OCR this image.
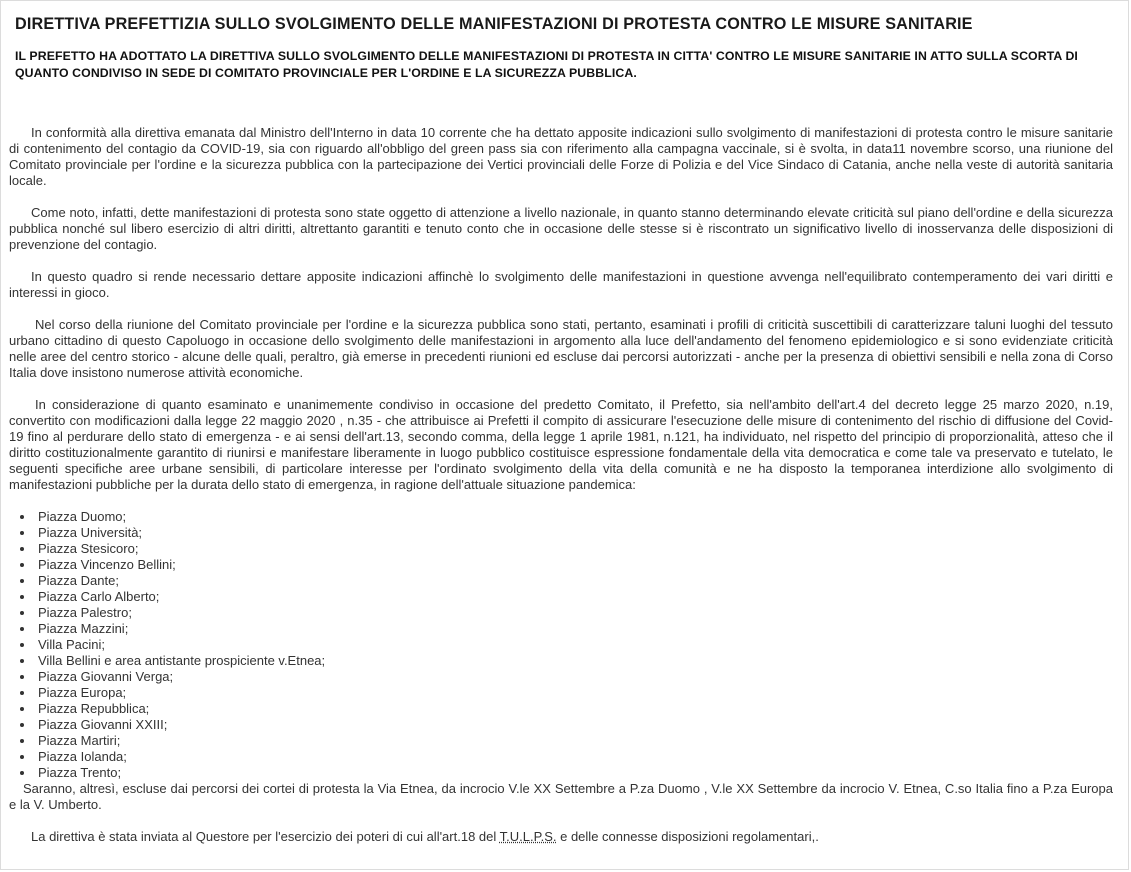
DIRETTIVA PREFETTIZIA SULLO SVOLGIMENTO DELLE MANIFESTAZIONI DI PROTESTA CONTRO LE MISURE SANITARIE
IL PREFETTO HA ADOTTATO LA DIRETTIVA SULLO SVOLGIMENTO DELLE MANIFESTAZIONI DI PROTESTA IN CITTA' CONTRO LE MISURE SANITARIE IN ATTO SULLA SCORTA DI QUANTO CONDIVISO IN SEDE DI COMITATO PROVINCIALE PER L'ORDINE E LA SICUREZZA PUBBLICA.

In conformità alla direttiva emanata dal Ministro dell'Interno in data 10 corrente che ha dettato apposite indicazioni sullo svolgimento di manifestazioni di protesta contro le misure sanitarie di contenimento del contagio da COVID-19, sia con riguardo all'obbligo del green pass sia con riferimento alla campagna vaccinale, si è svolta, in data11 novembre scorso, una riunione del Comitato provinciale per l'ordine e la sicurezza pubblica con la partecipazione dei Vertici provinciali delle Forze di Polizia e del Vice Sindaco di Catania, anche nella veste di autorità sanitaria locale.

Come noto, infatti, dette manifestazioni di protesta sono state oggetto di attenzione a livello nazionale, in quanto stanno determinando elevate criticità sul piano dell'ordine e della sicurezza pubblica nonché sul libero esercizio di altri diritti, altrettanto garantiti e tenuto conto che in occasione delle stesse si è riscontrato un significativo livello di inosservanza delle disposizioni di prevenzione del contagio.

In questo quadro si rende necessario dettare apposite indicazioni affinchè lo svolgimento delle manifestazioni in questione avvenga nell'equilibrato contemperamento dei vari diritti e interessi in gioco.

Nel corso della riunione del Comitato provinciale per l'ordine e la sicurezza pubblica sono stati, pertanto, esaminati i profili di criticità suscettibili di caratterizzare taluni luoghi del tessuto urbano cittadino di questo Capoluogo in occasione dello svolgimento delle manifestazioni in argomento alla luce dell'andamento del fenomeno epidemiologico e si sono evidenziate criticità nelle aree del centro storico - alcune delle quali, peraltro, già emerse in precedenti riunioni ed escluse dai percorsi autorizzati - anche per la presenza di obiettivi sensibili e nella zona di Corso Italia dove insistono numerose attività economiche.

In considerazione di quanto esaminato e unanimemente condiviso in occasione del predetto Comitato, il Prefetto, sia nell'ambito dell'art.4 del decreto legge 25 marzo 2020, n.19, convertito con modificazioni dalla legge 22 maggio 2020 , n.35 - che attribuisce ai Prefetti il compito di assicurare l'esecuzione delle misure di contenimento del rischio di diffusione del Covid-19 fino al perdurare dello stato di emergenza - e ai sensi dell'art.13, secondo comma, della legge 1 aprile 1981, n.121, ha individuato, nel rispetto del principio di proporzionalità, atteso che il diritto costituzionalmente garantito di riunirsi e manifestare liberamente in luogo pubblico costituisce espressione fondamentale della vita democratica e come tale va preservato e tutelato, le seguenti specifiche aree urbane sensibili, di particolare interesse per l'ordinato svolgimento della vita della comunità e ne ha disposto la temporanea interdizione allo svolgimento di manifestazioni pubbliche per la durata dello stato di emergenza, in ragione dell'attuale situazione pandemica:

• Piazza Duomo;
• Piazza Università;
• Piazza Stesicoro;
• Piazza Vincenzo Bellini;
• Piazza Dante;
• Piazza Carlo Alberto;
• Piazza Palestro;
• Piazza Mazzini;
• Villa Pacini;
• Villa Bellini e area antistante prospiciente v.Etnea;
• Piazza Giovanni Verga;
• Piazza Europa;
• Piazza Repubblica;
• Piazza Giovanni XXIII;
• Piazza Martiri;
• Piazza Iolanda;
• Piazza Trento;

Saranno, altresì, escluse dai percorsi dei cortei di protesta la Via Etnea, da incrocio V.le XX Settembre a P.za Duomo , V.le XX Settembre da incrocio V. Etnea, C.so Italia fino a P.za Europa e la V. Umberto.

La direttiva è stata inviata al Questore per l'esercizio dei poteri di cui all'art.18 del T.U.L.P.S. e delle connesse disposizioni regolamentari,.
